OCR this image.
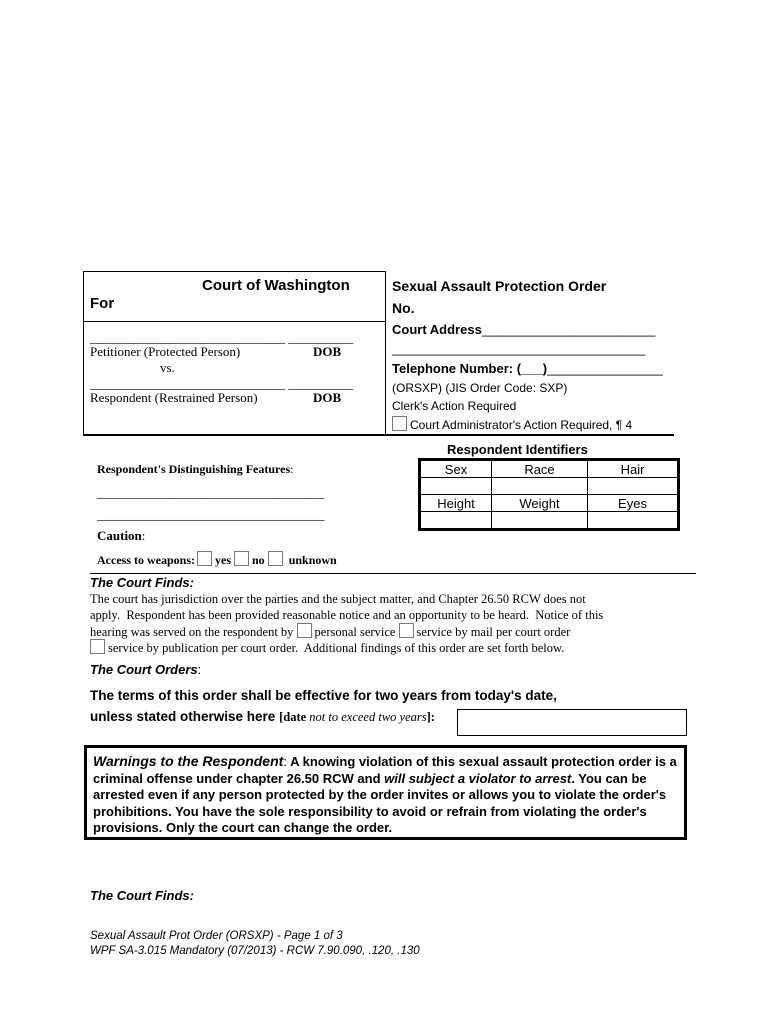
Court of Washington
For
______________________________ __________
Petitioner (Protected Person)	DOB
vs.
______________________________ __________
Respondent (Restrained Person)	DOB
Sexual Assault Protection Order
No.
Court Address________________________
___________________________________
Telephone Number: (___)________________
(ORSXP) (JIS Order Code: SXP)
Clerk's Action Required
Court Administrator's Action Required, ¶ 4
Respondent Identifiers
Sex	Race	Hair

Height	Weight	Eyes

Respondent's Distinguishing Features:
___________________________________
___________________________________
Caution:
Access to weapons: yes no unknown
The Court Finds:
The court has jurisdiction over the parties and the subject matter, and Chapter 26.50 RCW does not
apply.  Respondent has been provided reasonable notice and an opportunity to be heard.  Notice of this
hearing was served on the respondent by personal service service by mail per court order
service by publication per court order.  Additional findings of this order are set forth below.
The Court Orders:
The terms of this order shall be effective for two years from today's date,
unless stated otherwise here [date not to exceed two years]:
Warnings to the Respondent: A knowing violation of this sexual assault protection order is a criminal offense under chapter 26.50 RCW and will subject a violator to arrest. You can be arrested even if any person protected by the order invites or allows you to violate the order's prohibitions. You have the sole responsibility to avoid or refrain from violating the order's provisions. Only the court can change the order.
The Court Finds:
Sexual Assault Prot Order (ORSXP) - Page 1 of 3
WPF SA-3.015 Mandatory (07/2013) - RCW 7.90.090, .120, .130
